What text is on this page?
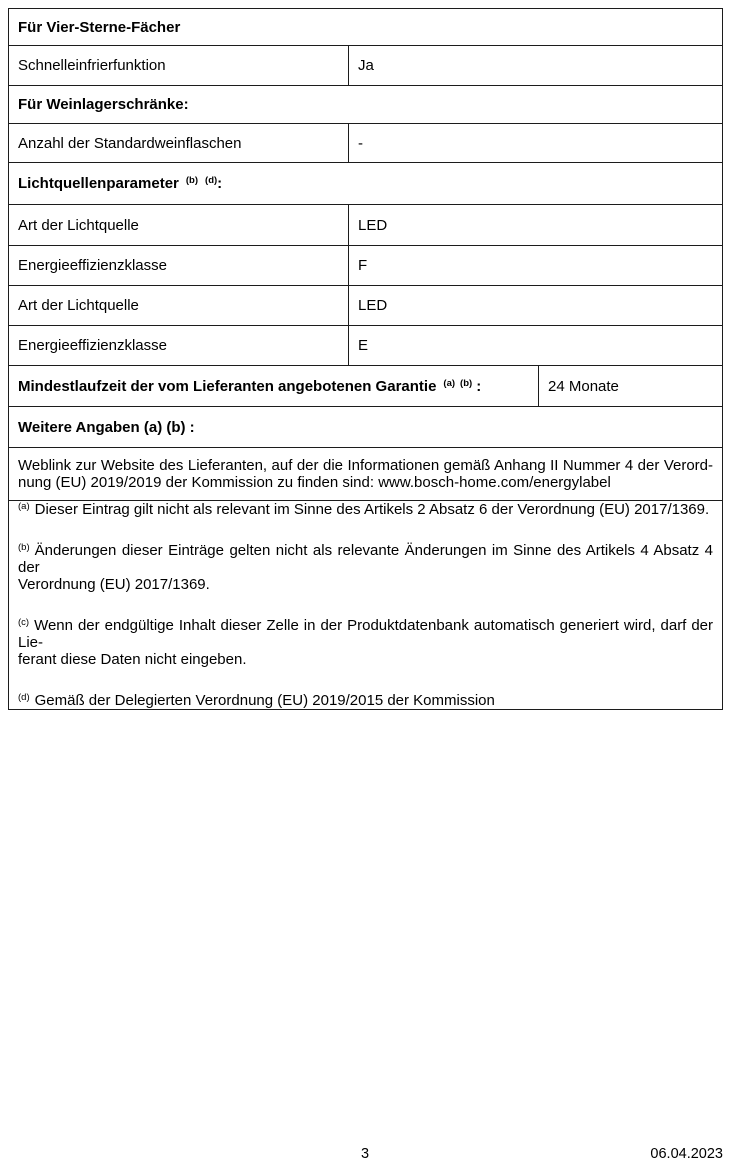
Für Vier-Sterne-Fächer		
Schnelleinfrierfunktion	Ja	
Für Weinlagerschränke:		
Anzahl der Standardweinflaschen	-	
Lichtquellenparameter $^{(b)}$ $^{(d)}$:		
Art der Lichtquelle	LED	
Energieeffizienzklasse	F	
Art der Lichtquelle	LED	
Energieeffizienzklasse	E	
Mindestlaufzeit der vom Lieferanten angebotenen Garantie $^{(a)}$ $^{(b)}$ :		24 Monate
Weitere Angaben (a) (b) :		

Weblink zur Website des Lieferanten, auf der die Informationen gemäß Anhang II Nummer 4 der Verord-
nung (EU) 2019/2019 der Kommission zu finden sind: www.bosch-home.com/energylabel		

$^{(a)}$ Dieser Eintrag gilt nicht als relevant im Sinne des Artikels 2 Absatz 6 der Verordnung (EU) 2017/1369.
$^{(b)}$ Änderungen dieser Einträge gelten nicht als relevante Änderungen im Sinne des Artikels 4 Absatz 4 der
Verordnung (EU) 2017/1369.
$^{(c)}$ Wenn der endgültige Inhalt dieser Zelle in der Produktdatenbank automatisch generiert wird, darf der Lie-
ferant diese Daten nicht eingeben.
$^{(d)}$ Gemäß der Delegierten Verordnung (EU) 2019/2015 der Kommission
3	06.04.2023
